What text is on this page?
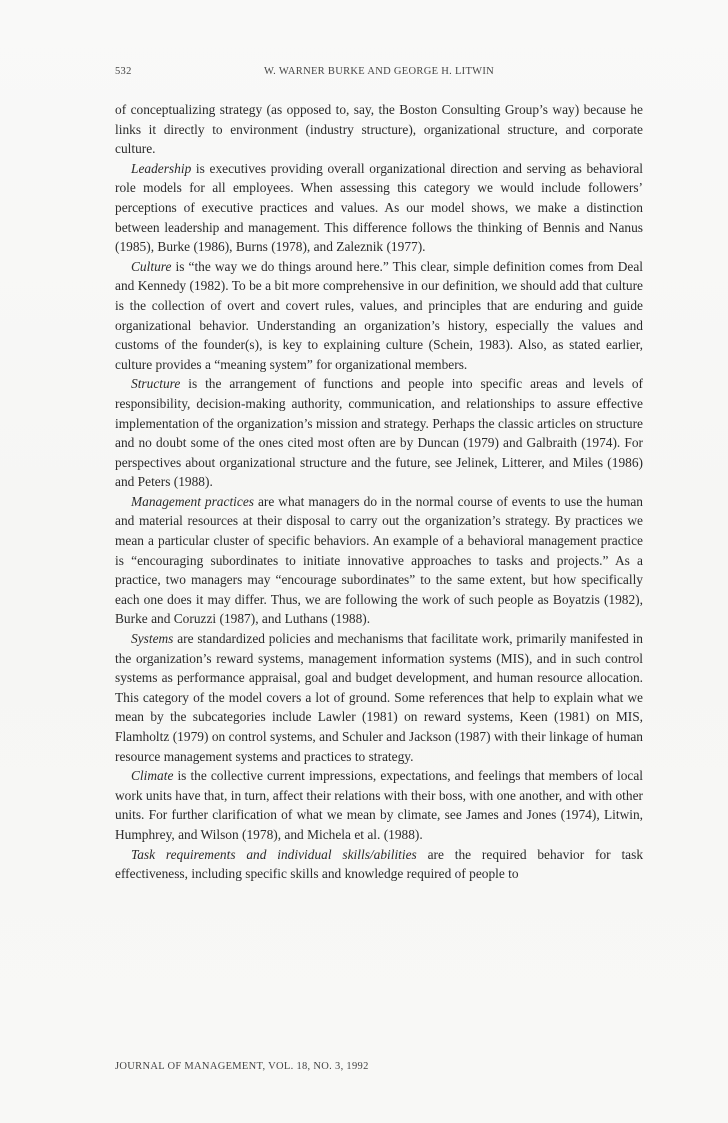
532	W. WARNER BURKE AND GEORGE H. LITWIN

of conceptualizing strategy (as opposed to, say, the Boston Consulting Group’s way) because he links it directly to environment (industry structure), organizational structure, and corporate culture.

Leadership is executives providing overall organizational direction and serving as behavioral role models for all employees. When assessing this category we would include followers’ perceptions of executive practices and values. As our model shows, we make a distinction between leadership and management. This difference follows the thinking of Bennis and Nanus (1985), Burke (1986), Burns (1978), and Zaleznik (1977).

Culture is “the way we do things around here.” This clear, simple definition comes from Deal and Kennedy (1982). To be a bit more comprehensive in our definition, we should add that culture is the collection of overt and covert rules, values, and principles that are enduring and guide organizational behavior. Understanding an organization’s history, especially the values and customs of the founder(s), is key to explaining culture (Schein, 1983). Also, as stated earlier, culture provides a “meaning system” for organizational members.

Structure is the arrangement of functions and people into specific areas and levels of responsibility, decision-making authority, communication, and relationships to assure effective implementation of the organization’s mission and strategy. Perhaps the classic articles on structure and no doubt some of the ones cited most often are by Duncan (1979) and Galbraith (1974). For perspectives about organizational structure and the future, see Jelinek, Litterer, and Miles (1986) and Peters (1988).

Management practices are what managers do in the normal course of events to use the human and material resources at their disposal to carry out the organization’s strategy. By practices we mean a particular cluster of specific behaviors. An example of a behavioral management practice is “encouraging subordinates to initiate innovative approaches to tasks and projects.” As a practice, two managers may “encourage subordinates” to the same extent, but how specifically each one does it may differ. Thus, we are following the work of such people as Boyatzis (1982), Burke and Coruzzi (1987), and Luthans (1988).

Systems are standardized policies and mechanisms that facilitate work, primarily manifested in the organization’s reward systems, management information systems (MIS), and in such control systems as performance appraisal, goal and budget development, and human resource allocation. This category of the model covers a lot of ground. Some references that help to explain what we mean by the subcategories include Lawler (1981) on reward systems, Keen (1981) on MIS, Flamholtz (1979) on control systems, and Schuler and Jackson (1987) with their linkage of human resource management systems and practices to strategy.

Climate is the collective current impressions, expectations, and feelings that members of local work units have that, in turn, affect their relations with their boss, with one another, and with other units. For further clarification of what we mean by climate, see James and Jones (1974), Litwin, Humphrey, and Wilson (1978), and Michela et al. (1988).

Task requirements and individual skills/abilities are the required behavior for task effectiveness, including specific skills and knowledge required of people to

JOURNAL OF MANAGEMENT, VOL. 18, NO. 3, 1992
